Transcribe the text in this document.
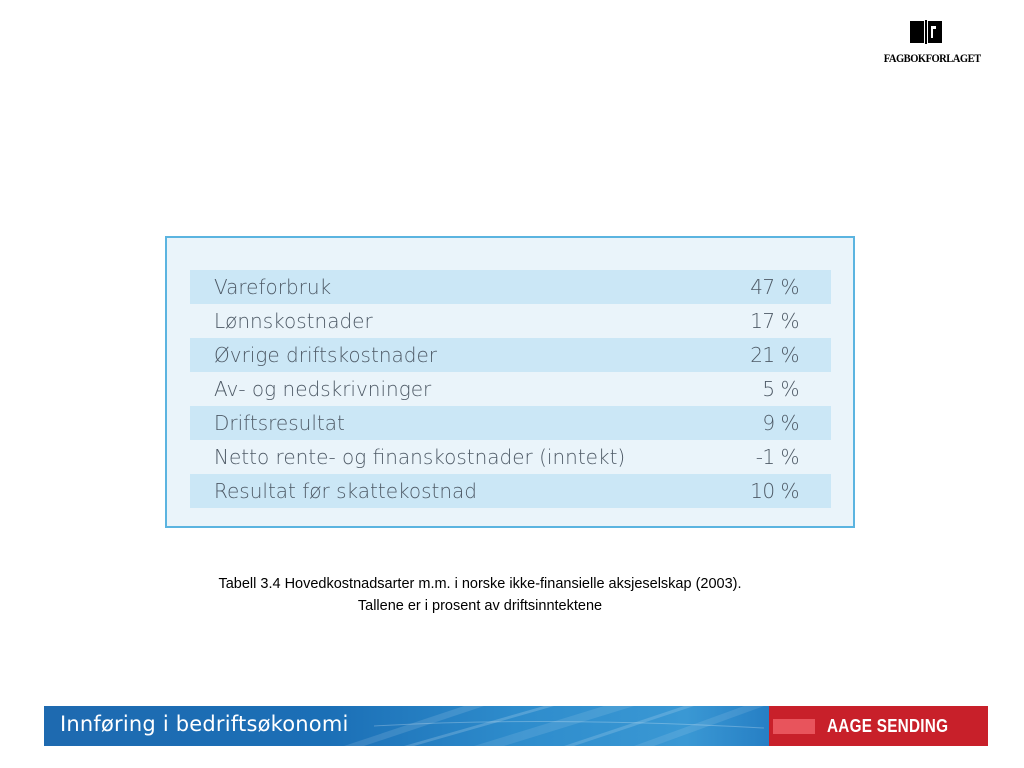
FAGBOKFORLAGET
Vareforbruk	47 %
Lønnskostnader	17 %
Øvrige driftskostnader	21 %
Av- og nedskrivninger	5 %
Driftsresultat	9 %
Netto rente- og finanskostnader (inntekt)	-1 %
Resultat før skattekostnad	10 %
Tabell 3.4 Hovedkostnadsarter m.m. i norske ikke-finansielle aksjeselskap (2003).
Tallene er i prosent av driftsinntektene
Innføring i bedriftsøkonomi	AAGE SENDING
